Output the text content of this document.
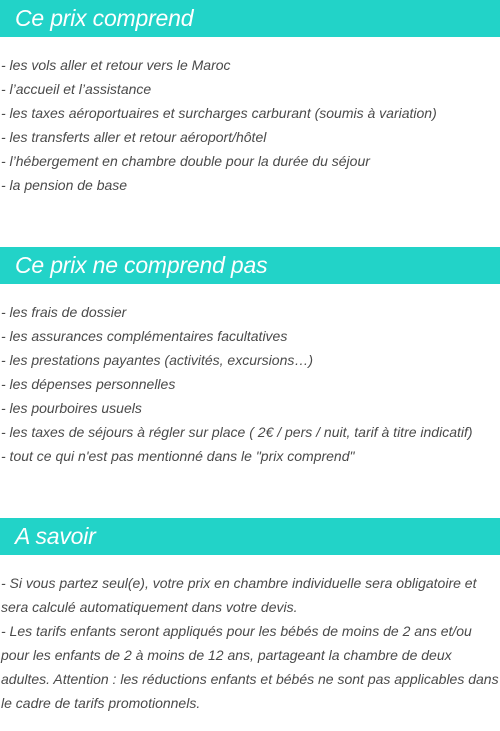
Ce prix comprend
- les vols aller et retour vers le Maroc
- l’accueil et l’assistance
- les taxes aéroportuaires et surcharges carburant (soumis à variation)
- les transferts aller et retour aéroport/hôtel
- l’hébergement en chambre double pour la durée du séjour
- la pension de base
Ce prix ne comprend pas
- les frais de dossier
- les assurances complémentaires facultatives
- les prestations payantes (activités, excursions…)
- les dépenses personnelles
- les pourboires usuels
- les taxes de séjours à régler sur place ( 2€ / pers / nuit, tarif à titre indicatif)
- tout ce qui n'est pas mentionné dans le "prix comprend"
A savoir
- Si vous partez seul(e), votre prix en chambre individuelle sera obligatoire et sera calculé automatiquement dans votre devis.
- Les tarifs enfants seront appliqués pour les bébés de moins de 2 ans et/ou pour les enfants de 2 à moins de 12 ans, partageant la chambre de deux adultes. Attention : les réductions enfants et bébés ne sont pas applicables dans le cadre de tarifs promotionnels.
